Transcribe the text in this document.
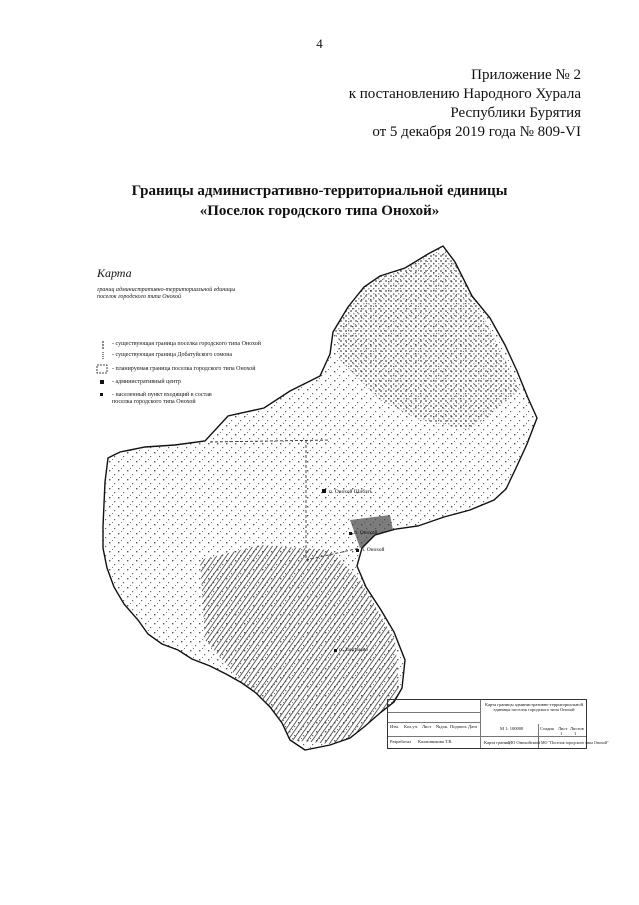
4
Приложение № 2
к постановлению Народного Хурала
Республики Бурятия
от 5 декабря 2019 года № 809-VI
Границы административно-территориальной единицы
«Поселок городского типа Онохой»
Карта
границ административно-территориальной единицы поселок городского типа Онохой
- существующая граница поселка городского типа Онохой
- существующая граница Добатуйского сомона
- планируемая граница поселка городского типа Онохой
- административный центр
- населенный пункт входящий в состав поселка городского типа Онохой
п. Онохой Шибэть
п. Онохой
п. Онохой
п. Заиграево
Карта границы административно-территориальной единицы поселок городского типа Онохой
Изм. Кол.уч. Лист №док. Подпись Дата	М 1: 100000	Стадия Лист Листов
1	1
Разработал Калашникова Т.В.	Карта границ
МО Онохойский МО "Поселок городского типа Онохой"
